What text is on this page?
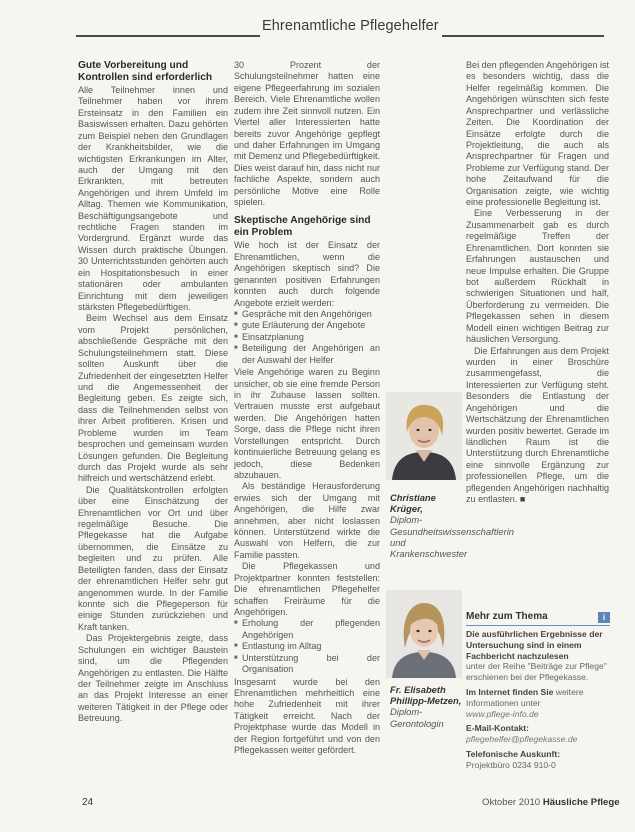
Ehrenamtliche Pflegehelfer
Gute Vorbereitung und Kontrollen sind erforderlich

Alle Teilnehmer innen und Teilnehmer haben vor ihrem Ersteinsatz in den Familien ein Basiswissen erhalten. Dazu gehörten zum Beispiel neben den Grundlagen der Krankheitsbilder, wie die wichtigsten Erkrankungen im Alter, auch der Umgang mit den Erkrankten, mit betreuten Angehörigen und ihrem Umfeld im Alltag. Themen wie Kommunikation, Beschäftigungsangebote und rechtliche Fragen standen im Vordergrund. Ergänzt wurde das Wissen durch praktische Übungen. 30 Unterrichtsstunden gehörten auch ein Hospitationsbesuch in einer stationären oder ambulanten Einrichtung mit dem jeweiligen stärksten Pflegebedürftigen.

Beim Wechsel aus dem Einsatz vom Projekt persönlichen, abschließende Gespräche mit den Schulungsteilnehmern statt. Diese sollten Auskunft über die Zufriedenheit der eingesetzten Helfer und die Angemessenheit der Begleitung geben. Es zeigte sich, dass die Teilnehmenden selbst von ihrer Arbeit profitieren. Krisen und Probleme wurden im Team besprochen und gemeinsam wurden Lösungen gefunden. Die Begleitung durch das Projekt wurde als sehr hilfreich und wertschätzend erlebt.

Die Qualitätskontrollen erfolgten über eine Einschätzung der Ehrenamtlichen vor Ort und über regelmäßige Besuche. Die Pflegekasse hat die Aufgabe übernommen, die Einsätze zu begleiten und zu prüfen. Alle Beteiligten fanden, dass der Einsatz der ehrenamtlichen Helfer sehr gut angenommen wurde. In der Familie konnte sich die Pflegeperson für einige Stunden zurückziehen und Kraft tanken.

Das Projektergebnis zeigte, dass Schulungen ein wichtiger Baustein sind, um die Pflegenden Angehörigen zu entlasten. Die Hälfte der Teilnehmer zeigte im Anschluss an das Projekt Interesse an einer weiteren Tätigkeit in der Pflege oder Betreuung.

30 Prozent der Schulungsteilnehmer hatten eine eigene Pflegeerfahrung im sozialen Bereich. Viele Ehrenamtliche wollen zudem ihre Zeit sinnvoll nutzen. Ein Viertel aller Interessierten hatte bereits zuvor Angehörige gepflegt und daher Erfahrungen im Umgang mit Demenz und Pflegebedürftigkeit. Dies weist darauf hin, dass nicht nur fachliche Aspekte, sondern auch persönliche Motive eine Rolle spielen.

Skeptische Angehörige sind ein Problem

Wie hoch ist der Einsatz der Ehrenamtlichen, wenn die Angehörigen skeptisch sind? Die genannten positiven Erfahrungen konnten auch durch folgende Angebote erzielt werden:

■ Gespräche mit den Angehörigen
■ gute Erläuterung der Angebote
■ Einsatzplanung
■ Beteiligung der Angehörigen an der Auswahl der Helfer

Viele Angehörige waren zu Beginn unsicher, ob sie eine fremde Person in ihr Zuhause lassen sollten. Vertrauen musste erst aufgebaut werden. Die Angehörigen hatten Sorge, dass die Pflege nicht ihren Vorstellungen entspricht. Durch kontinuierliche Betreuung gelang es jedoch, diese Bedenken abzubauen.

Als beständige Herausforderung erwies sich der Umgang mit Angehörigen, die Hilfe zwar annehmen, aber nicht loslassen können. Unterstützend wirkte die Auswahl von Helfern, die zur Familie passten.

Die Pflegekassen und Projektpartner konnten feststellen: Die ehrenamtlichen Pflegehelfer schaffen Freiräume für die Angehörigen.

■ Erholung der pflegenden Angehörigen
■ Entlastung im Alltag
■ Unterstützung bei der Organisation

Insgesamt wurde bei den Ehrenamtlichen mehrheitlich eine hohe Zufriedenheit mit ihrer Tätigkeit erreicht. Nach der Projektphase wurde das Modell in der Region fortgeführt und von den Pflegekassen weiter gefördert.

Christiane Krüger,
Diplom-Gesundheitswissenschaftlerin und Krankenschwester
Fr. Elisabeth Phillipp-Metzen,
Diplom-Gerontologin

Bei den pflegenden Angehörigen ist es besonders wichtig, dass die Helfer regelmäßig kommen. Die Angehörigen wünschten sich feste Ansprechpartner und verlässliche Zeiten. Die Koordination der Einsätze erfolgte durch die Projektleitung, die auch als Ansprechpartner für Fragen und Probleme zur Verfügung stand. Der hohe Zeitaufwand für die Organisation zeigte, wie wichtig eine professionelle Begleitung ist.

Eine Verbesserung in der Zusammenarbeit gab es durch regelmäßige Treffen der Ehrenamtlichen. Dort konnten sie Erfahrungen austauschen und neue Impulse erhalten. Die Gruppe bot außerdem Rückhalt in schwierigen Situationen und half, Überforderung zu vermeiden. Die Pflegekassen sehen in diesem Modell einen wichtigen Beitrag zur häuslichen Versorgung.

Die Erfahrungen aus dem Projekt wurden in einer Broschüre zusammengefasst, die Interessierten zur Verfügung steht. Besonders die Entlastung der Angehörigen und die Wertschätzung der Ehrenamtlichen wurden positiv bewertet. Gerade im ländlichen Raum ist die Unterstützung durch Ehrenamtliche eine sinnvolle Ergänzung zur professionellen Pflege, um die pflegenden Angehörigen nachhaltig zu entlasten. ■

Mehr zum Thema	i
Die ausführlichen Ergebnisse der Untersuchung sind in einem Fachbericht nachzulesen
unter der Reihe "Beiträge zur Pflege" erschienen bei der Pflegekasse.
Im Internet finden Sie weitere Informationen unter
www.pflege-info.de
E-Mail-Kontakt:
pflegehelfer@pflegekasse.de
Telefonische Auskunft:
Projektbüro 0234 910-0
24	Oktober 2010 Häusliche Pflege
